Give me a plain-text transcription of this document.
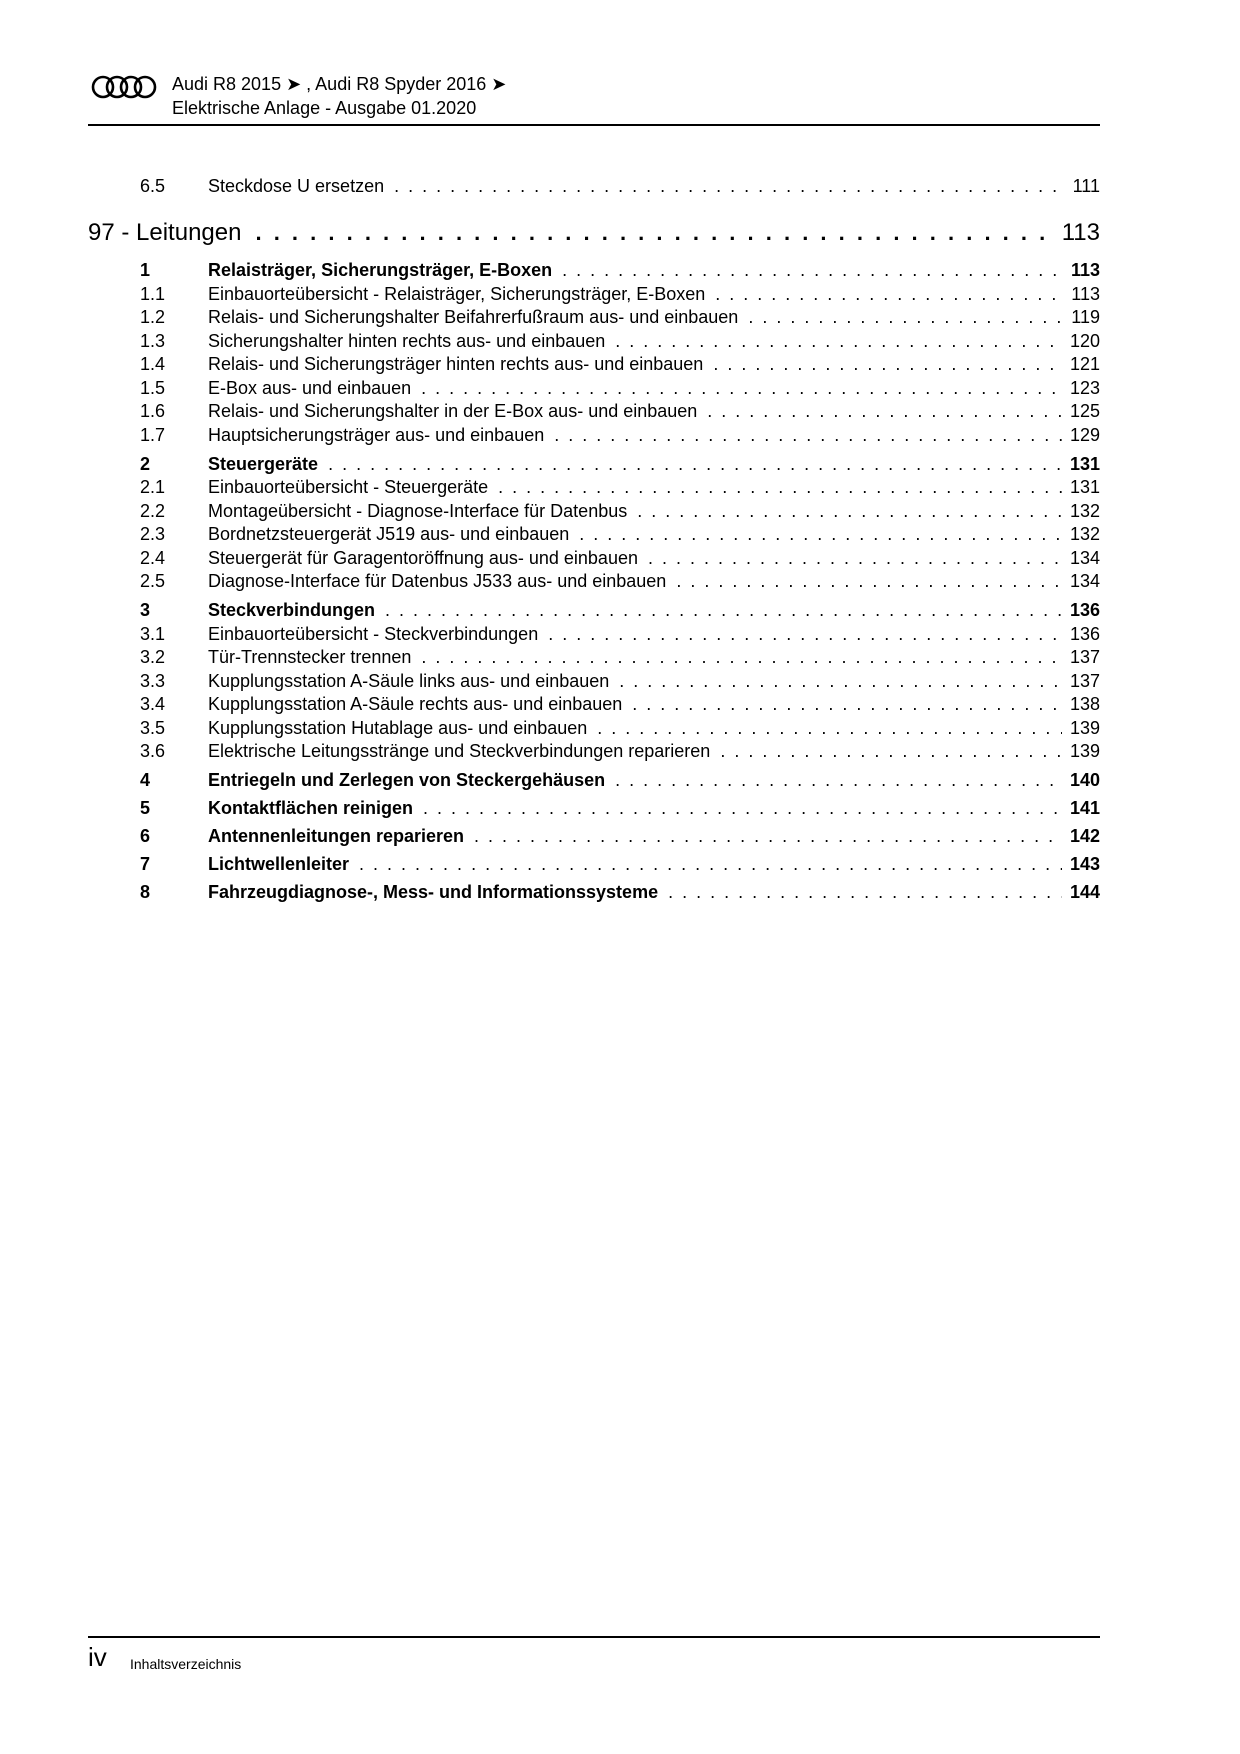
Audi R8 2015 ➤ , Audi R8 Spyder 2016 ➤
Elektrische Anlage - Ausgabe 01.2020
6.5 Steckdose U ersetzen . . .	111
97 - Leitungen . . .	113
1	Relaisträger, Sicherungsträger, E-Boxen . . .	113
1.1 Einbauorteübersicht - Relaisträger, Sicherungsträger, E-Boxen . . .	113
1.2 Relais- und Sicherungshalter Beifahrerfußraum aus- und einbauen . . .	119
1.3 Sicherungshalter hinten rechts aus- und einbauen . . .	120
1.4 Relais- und Sicherungsträger hinten rechts aus- und einbauen . . .	121
1.5 E-Box aus- und einbauen . . .	123
1.6 Relais- und Sicherungshalter in der E-Box aus- und einbauen . . .	125
1.7 Hauptsicherungsträger aus- und einbauen . . .	129
2	Steuergeräte . . .	131
2.1 Einbauorteübersicht - Steuergeräte . . .	131
2.2 Montageübersicht - Diagnose-Interface für Datenbus . . .	132
2.3 Bordnetzsteuergerät J519 aus- und einbauen . . .	132
2.4 Steuergerät für Garagentoröffnung aus- und einbauen . . .	134
2.5 Diagnose-Interface für Datenbus J533 aus- und einbauen . . .	134
3	Steckverbindungen . . .	136
3.1 Einbauorteübersicht - Steckverbindungen . . .	136
3.2 Tür-Trennstecker trennen . . .	137
3.3 Kupplungsstation A-Säule links aus- und einbauen . . .	137
3.4 Kupplungsstation A-Säule rechts aus- und einbauen . . .	138
3.5 Kupplungsstation Hutablage aus- und einbauen . . .	139
3.6 Elektrische Leitungsstränge und Steckverbindungen reparieren . . .	139
4	Entriegeln und Zerlegen von Steckergehäusen . . .	140
5	Kontaktflächen reinigen . . .	141
6	Antennenleitungen reparieren . . .	142
7	Lichtwellenleiter . . .	143
8	Fahrzeugdiagnose-, Mess- und Informationssysteme . . .	144
iv Inhaltsverzeichnis
